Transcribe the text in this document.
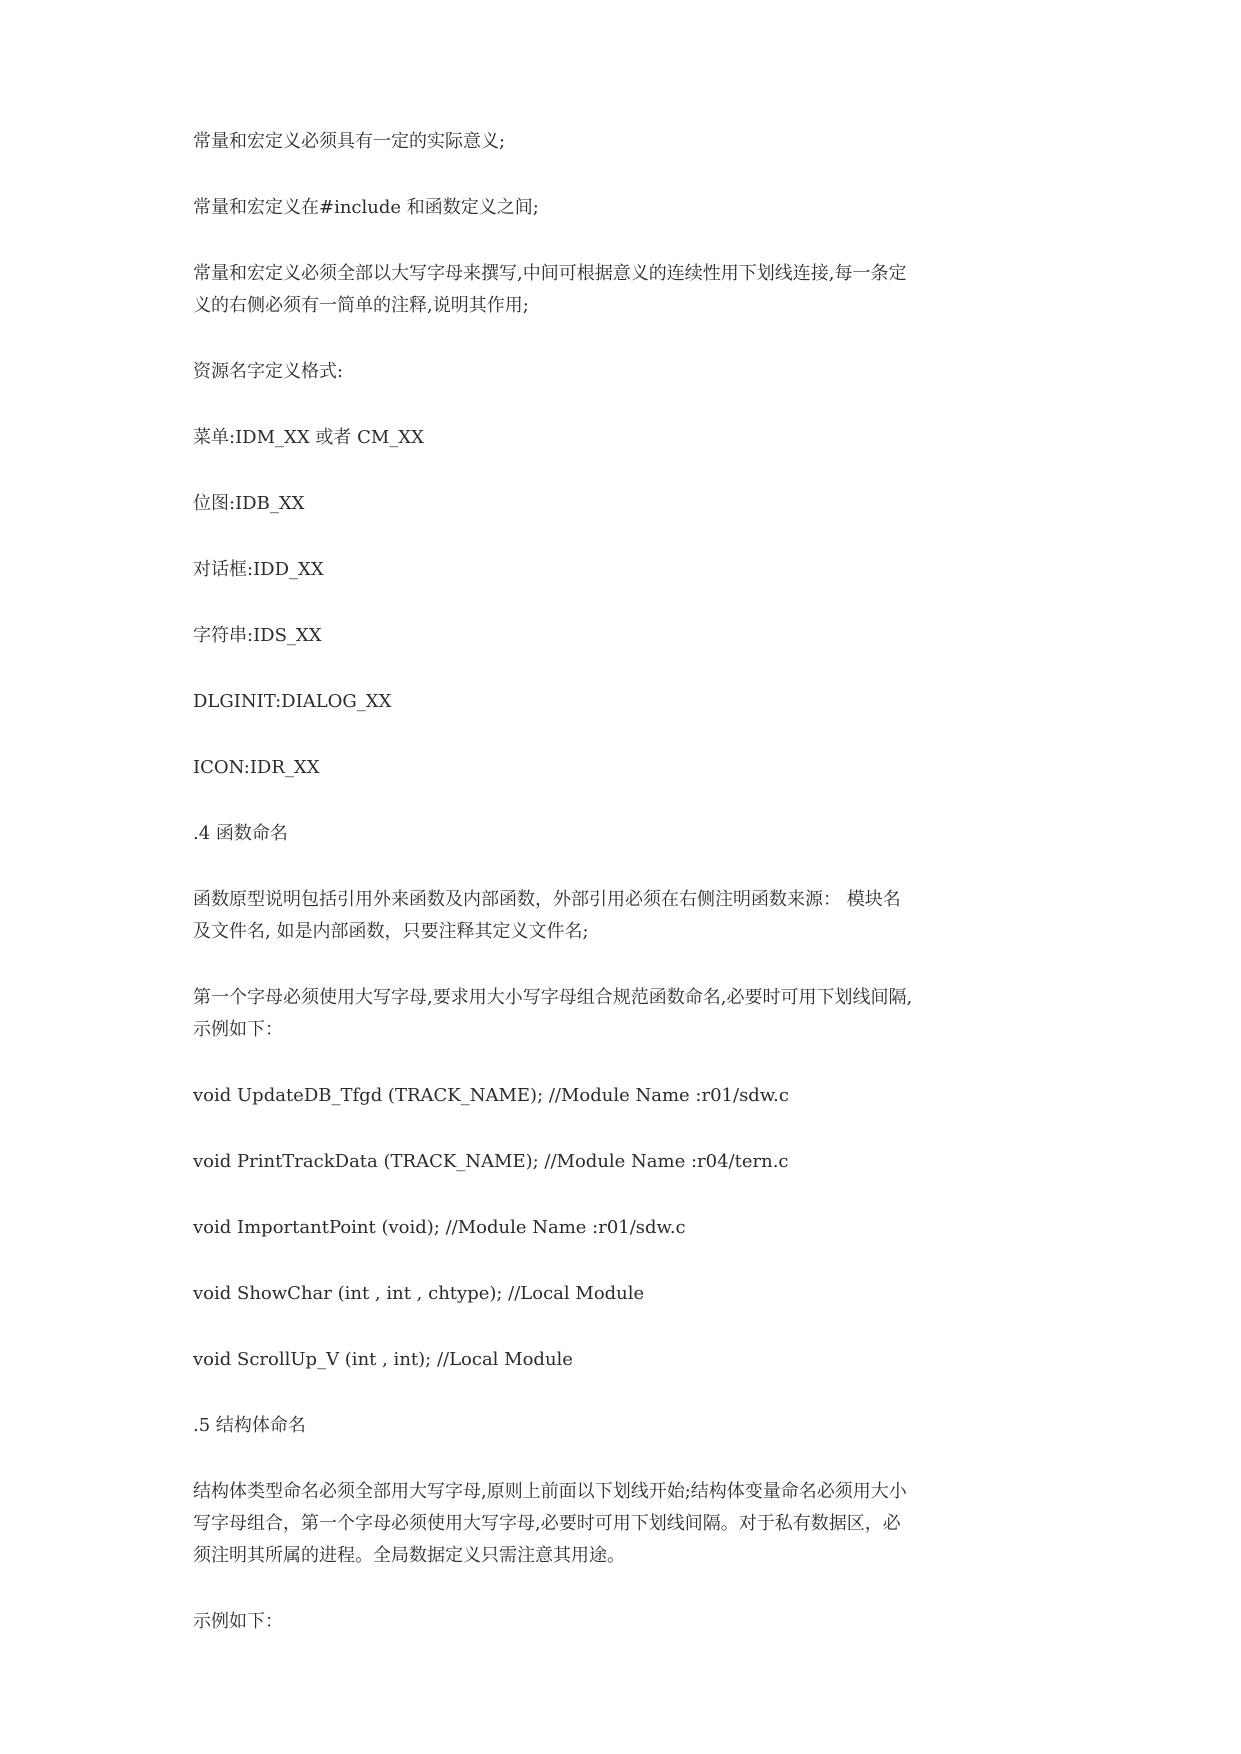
常量和宏定义必须具有一定的实际意义;

常量和宏定义在#include 和函数定义之间;

常量和宏定义必须全部以大写字母来撰写,中间可根据意义的连续性用下划线连接,每一条定义的右侧必须有一简单的注释,说明其作用;

资源名字定义格式:

菜单:IDM_XX 或者 CM_XX

位图:IDB_XX

对话框:IDD_XX

字符串:IDS_XX

DLGINIT:DIALOG_XX

ICON:IDR_XX

.4 函数命名

函数原型说明包括引用外来函数及内部函数，外部引用必须在右侧注明函数来源： 模块名及文件名, 如是内部函数，只要注释其定义文件名;

第一个字母必须使用大写字母,要求用大小写字母组合规范函数命名,必要时可用下划线间隔,示例如下：

void UpdateDB_Tfgd (TRACK_NAME); //Module Name :r01/sdw.c

void PrintTrackData (TRACK_NAME); //Module Name :r04/tern.c

void ImportantPoint (void); //Module Name :r01/sdw.c

void ShowChar (int , int , chtype); //Local Module

void ScrollUp_V (int , int); //Local Module

.5 结构体命名

结构体类型命名必须全部用大写字母,原则上前面以下划线开始;结构体变量命名必须用大小写字母组合，第一个字母必须使用大写字母,必要时可用下划线间隔。对于私有数据区，必须注明其所属的进程。全局数据定义只需注意其用途。

示例如下：
